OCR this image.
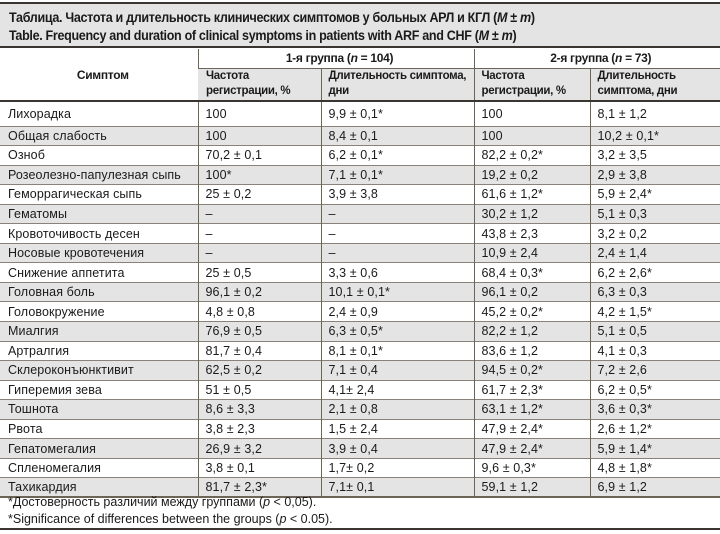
Таблица. Частота и длительность клинических симптомов у больных АРЛ и КГЛ (M ± m)
Table. Frequency and duration of clinical symptoms in patients with ARF and CHF (M ± m)
Симптом	1-я группа (n = 104)		2-я группа (n = 73)	
	Частота регистрации, %	Длительность симптома, дни	Частота регистрации, %	Длительность симптома, дни
Лихорадка	100	9,9 ± 0,1*	100	8,1 ± 1,2
Общая слабость	100	8,4 ± 0,1	100	10,2 ± 0,1*
Озноб	70,2 ± 0,1	6,2 ± 0,1*	82,2 ± 0,2*	3,2 ± 3,5
Розеолезно-папулезная сыпь	100*	7,1 ± 0,1*	19,2 ± 0,2	2,9 ± 3,8
Геморрагическая сыпь	25 ± 0,2	3,9 ± 3,8	61,6 ± 1,2*	5,9 ± 2,4*
Гематомы	–	–	30,2 ± 1,2	5,1 ± 0,3
Кровоточивость десен	–	–	43,8 ± 2,3	3,2 ± 0,2
Носовые кровотечения	–	–	10,9 ± 2,4	2,4 ± 1,4
Снижение аппетита	25 ± 0,5	3,3 ± 0,6	68,4 ± 0,3*	6,2 ± 2,6*
Головная боль	96,1 ± 0,2	10,1 ± 0,1*	96,1 ± 0,2	6,3 ± 0,3
Головокружение	4,8 ± 0,8	2,4 ± 0,9	45,2 ± 0,2*	4,2 ± 1,5*
Миалгия	76,9 ± 0,5	6,3 ± 0,5*	82,2 ± 1,2	5,1 ± 0,5
Артралгия	81,7 ± 0,4	8,1 ± 0,1*	83,6 ± 1,2	4,1 ± 0,3
Склероконъюнктивит	62,5 ± 0,2	7,1 ± 0,4	94,5 ± 0,2*	7,2 ± 2,6
Гиперемия зева	51 ± 0,5	4,1± 2,4	61,7 ± 2,3*	6,2 ± 0,5*
Тошнота	8,6 ± 3,3	2,1 ± 0,8	63,1 ± 1,2*	3,6 ± 0,3*
Рвота	3,8 ± 2,3	1,5 ± 2,4	47,9 ± 2,4*	2,6 ± 1,2*
Гепатомегалия	26,9 ± 3,2	3,9 ± 0,4	47,9 ± 2,4*	5,9 ± 1,4*
Спленомегалия	3,8 ± 0,1	1,7± 0,2	9,6 ± 0,3*	4,8 ± 1,8*
Тахикардия	81,7 ± 2,3*	7,1± 0,1	59,1 ± 1,2	6,9 ± 1,2
*Достоверность различий между группами (p < 0,05).
*Significance of differences between the groups (p < 0.05).
